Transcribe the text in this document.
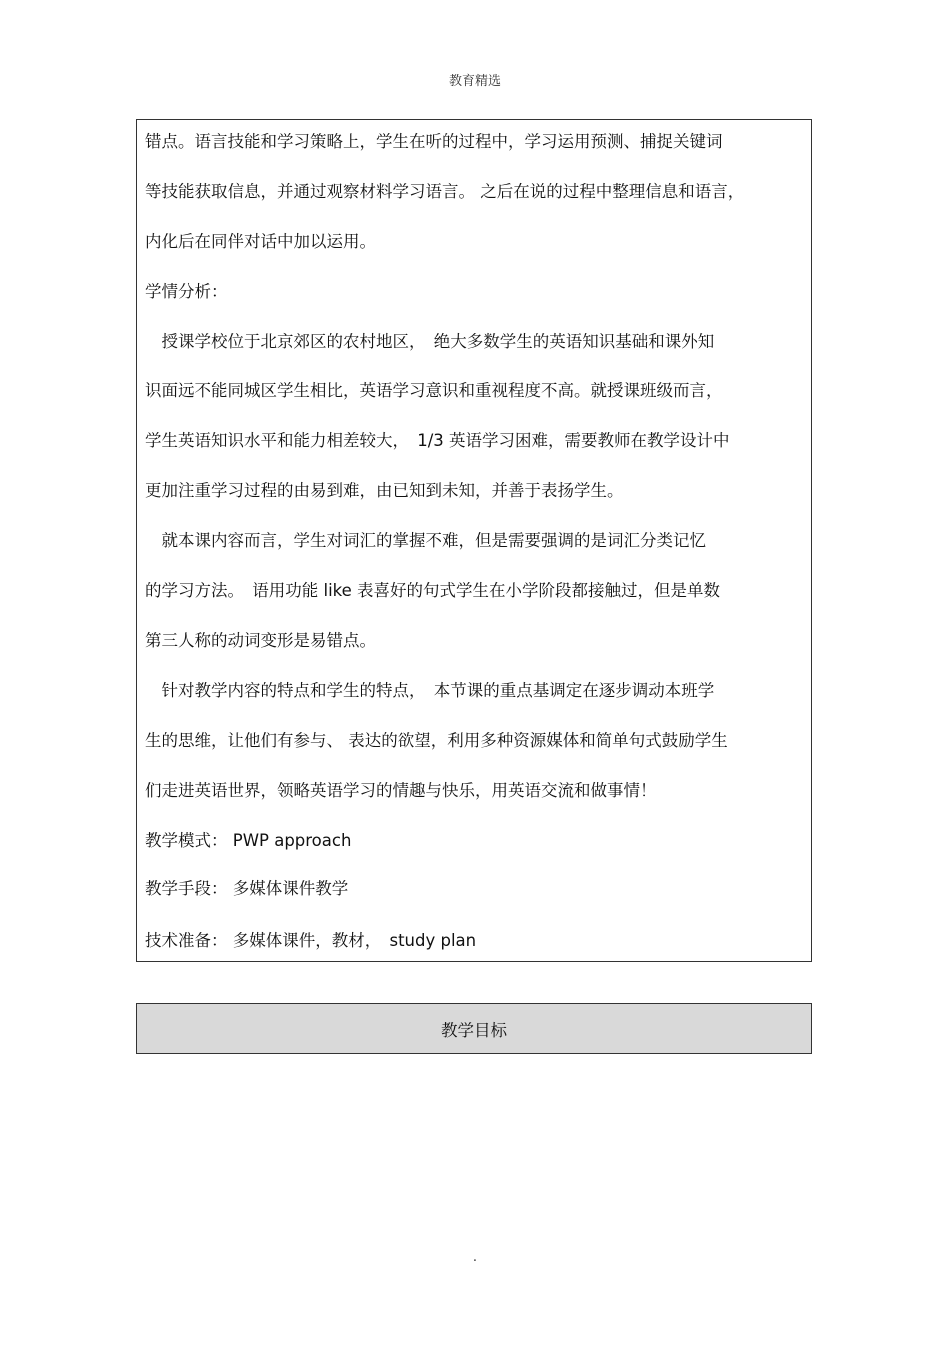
教育精选
错点。语言技能和学习策略上，学生在听的过程中，学习运用预测、捕捉关键词
等技能获取信息，并通过观察材料学习语言。 之后在说的过程中整理信息和语言，
内化后在同伴对话中加以运用。
学情分析：
　授课学校位于北京郊区的农村地区，　绝大多数学生的英语知识基础和课外知
识面远不能同城区学生相比，英语学习意识和重视程度不高。就授课班级而言，
学生英语知识水平和能力相差较大，　1/3 英语学习困难，需要教师在教学设计中
更加注重学习过程的由易到难，由已知到未知，并善于表扬学生。
　就本课内容而言，学生对词汇的掌握不难，但是需要强调的是词汇分类记忆
的学习方法。　语用功能 like 表喜好的句式学生在小学阶段都接触过，但是单数
第三人称的动词变形是易错点。
　针对教学内容的特点和学生的特点，　本节课的重点基调定在逐步调动本班学
生的思维，让他们有参与、 表达的欲望，利用多种资源媒体和简单句式鼓励学生
们走进英语世界，领略英语学习的情趣与快乐，用英语交流和做事情！
教学模式： PWP approach
教学手段： 多媒体课件教学
技术准备： 多媒体课件，教材，　study plan
教学目标
.
